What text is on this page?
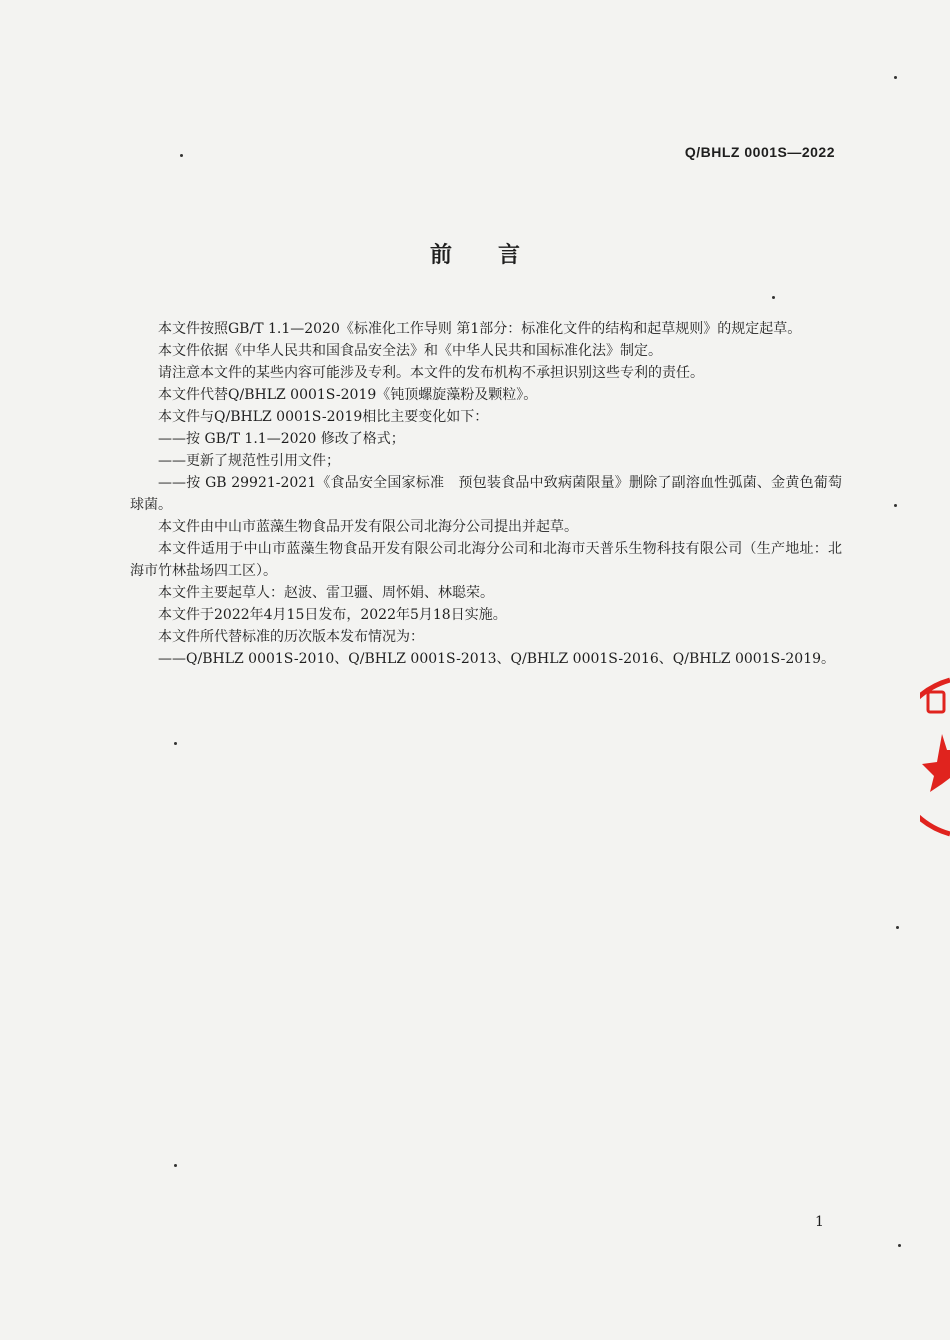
Q/BHLZ 0001S—2022
前言

本文件按照GB/T 1.1—2020《标准化工作导则 第1部分：标准化文件的结构和起草规则》的规定起草。

本文件依据《中华人民共和国食品安全法》和《中华人民共和国标准化法》制定。

请注意本文件的某些内容可能涉及专利。本文件的发布机构不承担识别这些专利的责任。

本文件代替Q/BHLZ 0001S-2019《钝顶螺旋藻粉及颗粒》。

本文件与Q/BHLZ 0001S-2019相比主要变化如下：

——按 GB/T 1.1—2020 修改了格式；

——更新了规范性引用文件；

——按 GB 29921-2021《食品安全国家标准　预包装食品中致病菌限量》删除了副溶血性弧菌、金黄色葡萄球菌。

本文件由中山市蓝藻生物食品开发有限公司北海分公司提出并起草。

本文件适用于中山市蓝藻生物食品开发有限公司北海分公司和北海市天普乐生物科技有限公司（生产地址：北海市竹林盐场四工区）。

本文件主要起草人：赵波、雷卫疆、周怀娟、林聪荣。

本文件于2022年4月15日发布，2022年5月18日实施。

本文件所代替标准的历次版本发布情况为：

——Q/BHLZ 0001S-2010、Q/BHLZ 0001S-2013、Q/BHLZ 0001S-2016、Q/BHLZ 0001S-2019。

1
